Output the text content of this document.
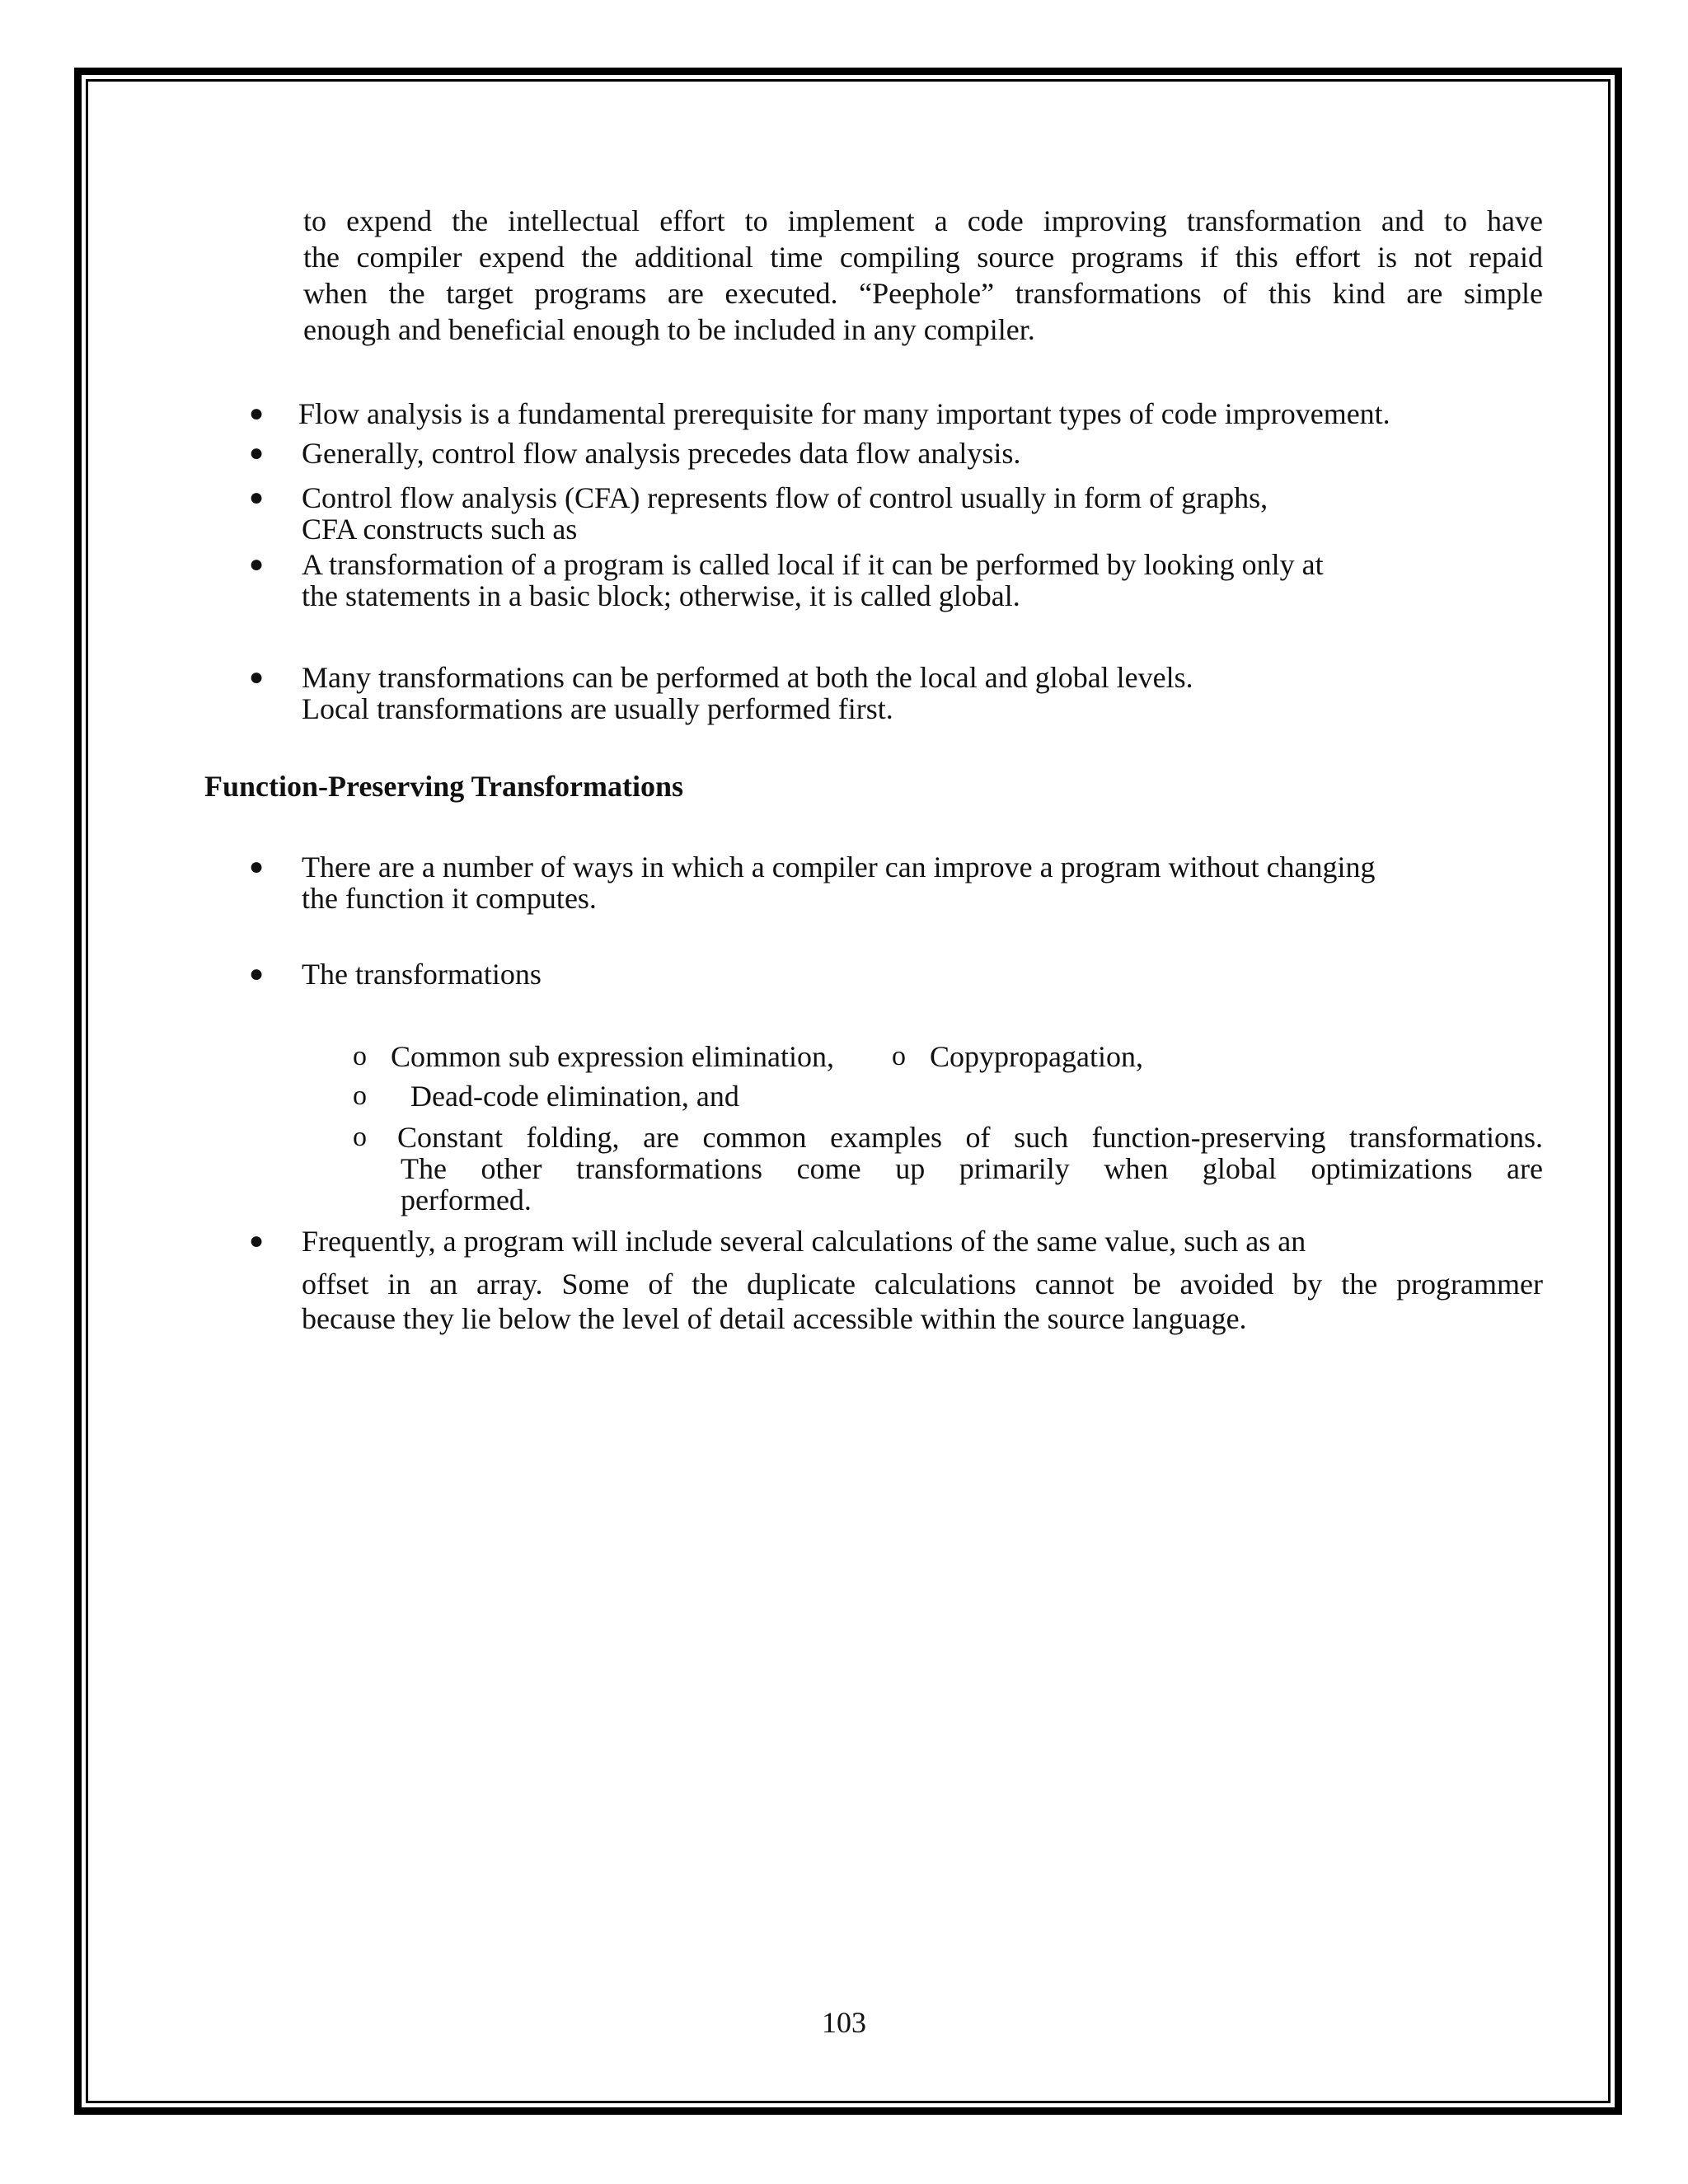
to expend the intellectual effort to implement a code improving transformation and to have
the compiler expend the additional time compiling source programs if this effort is not repaid
when the target programs are executed. “Peephole” transformations of this kind are simple
enough and beneficial enough to be included in any compiler.
● Flow analysis is a fundamental prerequisite for many important types of code improvement.
● Generally, control flow analysis precedes data flow analysis.
● Control flow analysis (CFA) represents flow of control usually in form of graphs,
CFA constructs such as
● A transformation of a program is called local if it can be performed by looking only at
the statements in a basic block; otherwise, it is called global.
● Many transformations can be performed at both the local and global levels.
Local transformations are usually performed first.
Function-Preserving Transformations
● There are a number of ways in which a compiler can improve a program without changing
the function it computes.
● The transformations
o Common sub expression elimination, o Copypropagation,
o Dead-code elimination, and
o Constant folding, are common examples of such function-preserving transformations.
The other transformations come up primarily when global optimizations are
performed.
● Frequently, a program will include several calculations of the same value, such as an
offset in an array. Some of the duplicate calculations cannot be avoided by the programmer
because they lie below the level of detail accessible within the source language.
103
